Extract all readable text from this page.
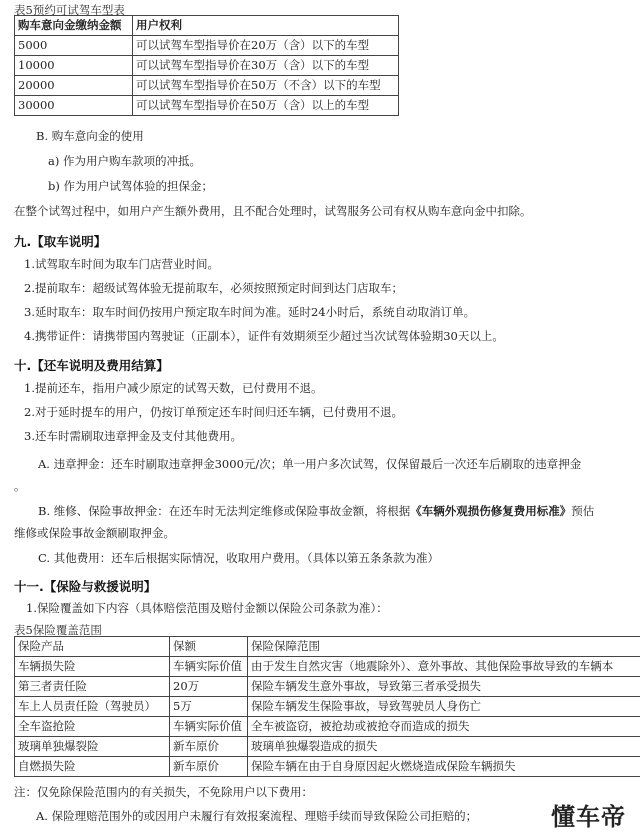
表5预约可试驾车型表
购车意向金缴纳金额	用户权利
5000	可以试驾车型指导价在20万（含）以下的车型
10000	可以试驾车型指导价在30万（含）以下的车型
20000	可以试驾车型指导价在50万（不含）以下的车型
30000	可以试驾车型指导价在50万（含）以上的车型
B. 购车意向金的使用
a) 作为用户购车款项的冲抵。
b) 作为用户试驾体验的担保金；
在整个试驾过程中，如用户产生额外费用，且不配合处理时，试驾服务公司有权从购车意向金中扣除。
九.【取车说明】
1.试驾取车时间为取车门店营业时间。
2.提前取车：超级试驾体验无提前取车，必须按照预定时间到达门店取车；
3.延时取车：取车时间仍按用户预定取车时间为准。延时24小时后，系统自动取消订单。
4.携带证件：请携带国内驾驶证（正副本），证件有效期须至少超过当次试驾体验期30天以上。
十.【还车说明及费用结算】
1.提前还车，指用户减少原定的试驾天数，已付费用不退。
2.对于延时提车的用户，仍按订单预定还车时间归还车辆，已付费用不退。
3.还车时需刷取违章押金及支付其他费用。
A. 违章押金：还车时刷取违章押金3000元/次；单一用户多次试驾，仅保留最后一次还车后刷取的违章押金
。
B. 维修、保险事故押金：在还车时无法判定维修或保险事故金额，将根据《车辆外观损伤修复费用标准》预估
维修或保险事故金额刷取押金。
C. 其他费用：还车后根据实际情况，收取用户费用。（具体以第五条条款为准）
十一.【保险与救援说明】
1.保险覆盖如下内容（具体赔偿范围及赔付金额以保险公司条款为准）：
表5保险覆盖范围
保险产品	保额	保险保障范围
车辆损失险	车辆实际价值	由于发生自然灾害（地震除外）、意外事故、其他保险事故导致的车辆本
第三者责任险	20万	保险车辆发生意外事故，导致第三者承受损失
车上人员责任险（驾驶员）	5万	保险车辆发生保险事故，导致驾驶员人身伤亡
全车盗抢险	车辆实际价值	全车被盗窃，被抢劫或被抢夺而造成的损失
玻璃单独爆裂险	新车原价	玻璃单独爆裂造成的损失
自燃损失险	新车原价	保险车辆在由于自身原因起火燃烧造成保险车辆损失
注：仅免除保险范围内的有关损失，不免除用户以下费用：
A. 保险理赔范围外的或因用户未履行有效报案流程、理赔手续而导致保险公司拒赔的；	懂车帝
